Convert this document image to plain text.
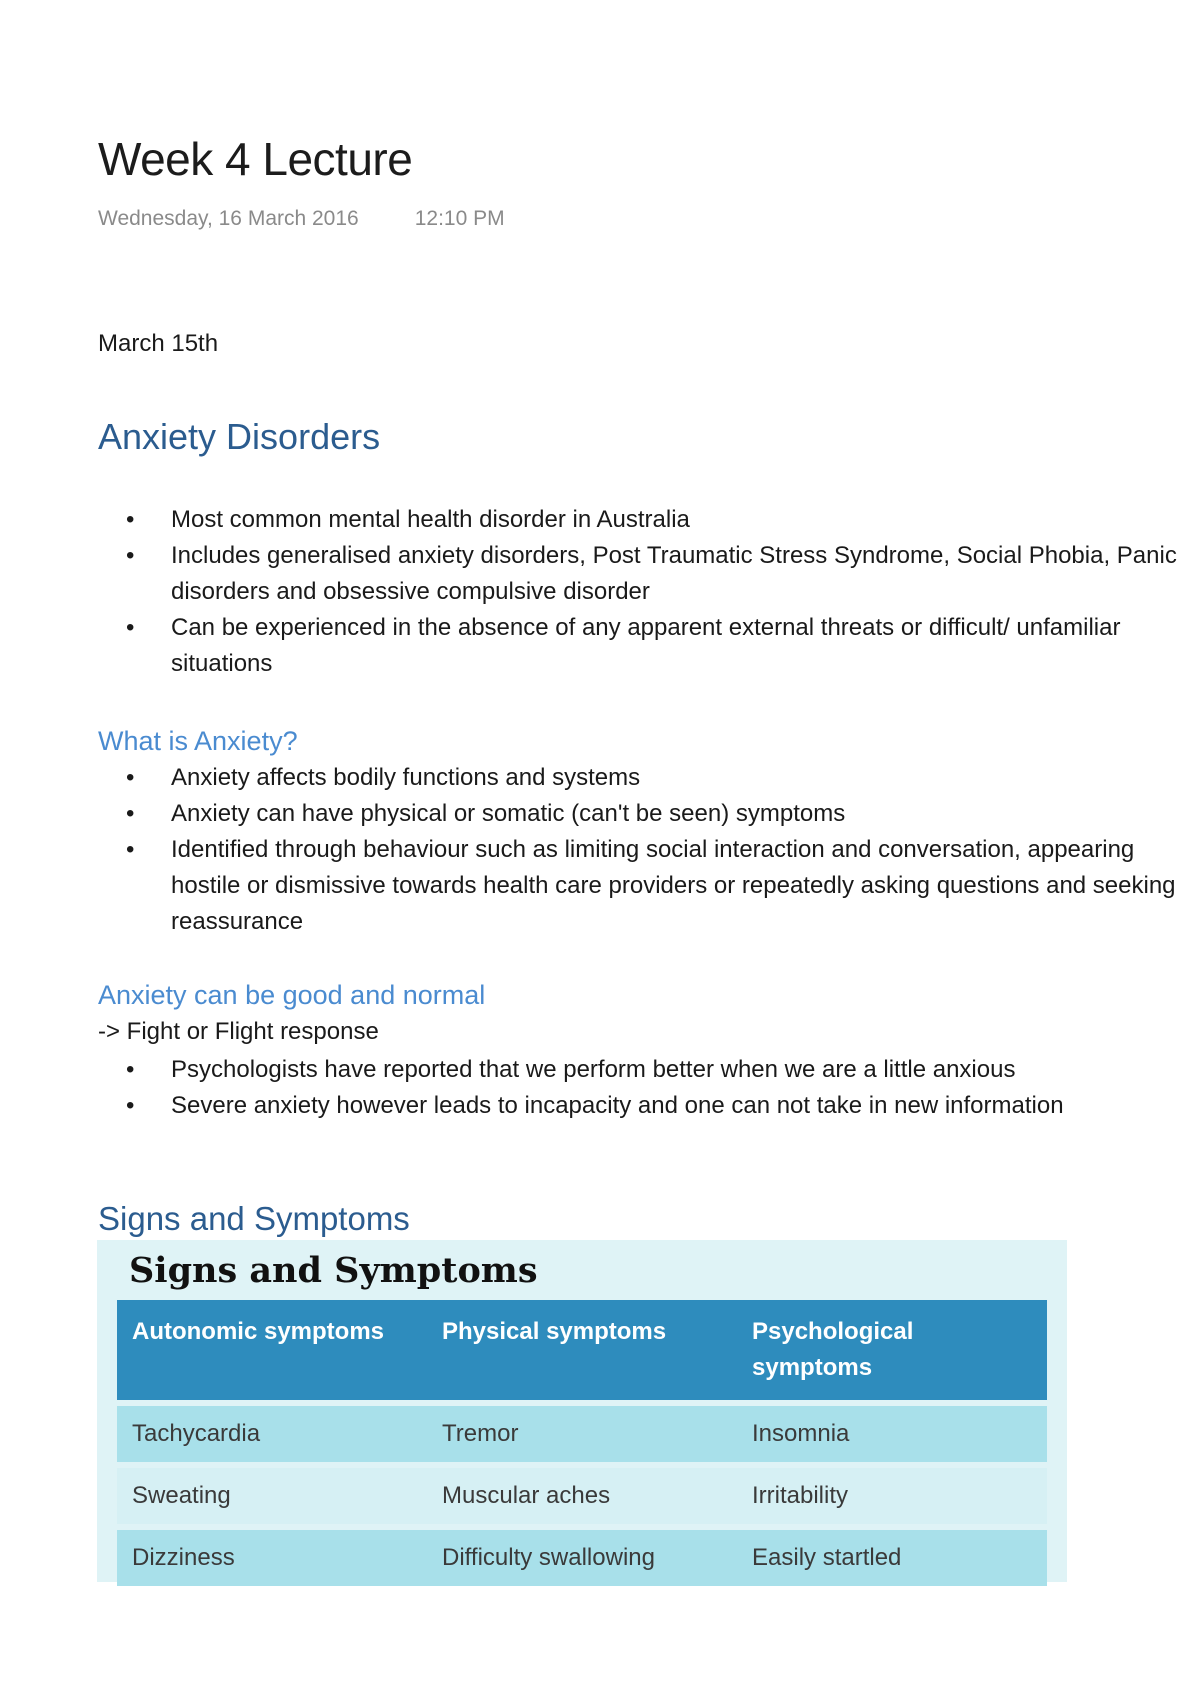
Week 4 Lecture
Wednesday, 16 March 2016	12:10 PM

March 15th

Anxiety Disorders
• Most common mental health disorder in Australia
• Includes generalised anxiety disorders, Post Traumatic Stress Syndrome, Social Phobia, Panic disorders and obsessive compulsive disorder
• Can be experienced in the absence of any apparent external threats or difficult/ unfamiliar situations
What is Anxiety?
• Anxiety affects bodily functions and systems
• Anxiety can have physical or somatic (can't be seen) symptoms
• Identified through behaviour such as limiting social interaction and conversation, appearing hostile or dismissive towards health care providers or repeatedly asking questions and seeking reassurance
Anxiety can be good and normal

-> Fight or Flight response

• Psychologists have reported that we perform better when we are a little anxious
• Severe anxiety however leads to incapacity and one can not take in new information
Signs and Symptoms
Signs and Symptoms
Autonomic symptoms	Physical symptoms	Psychological symptoms
Tachycardia	Tremor	Insomnia
Sweating	Muscular aches	Irritability
Dizziness	Difficulty swallowing	Easily startled
